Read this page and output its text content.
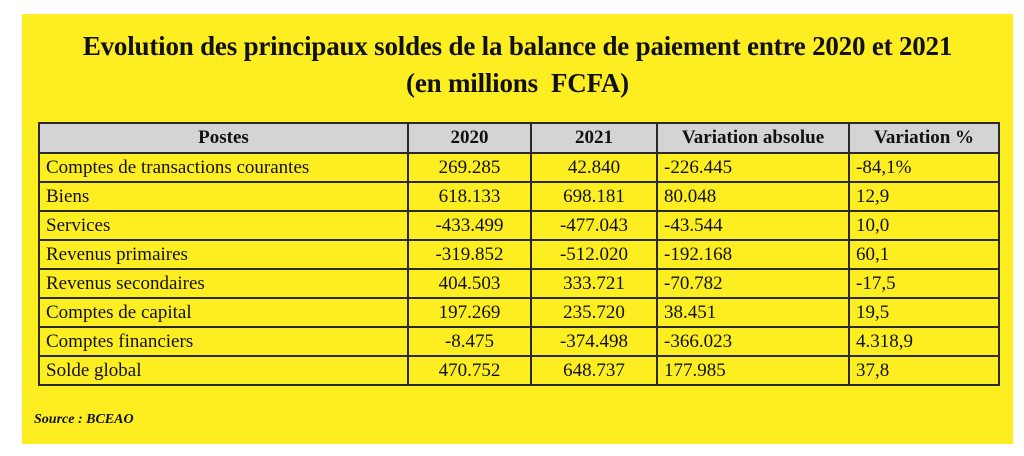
Evolution des principaux soldes de la balance de paiement entre 2020 et 2021
(en millions  FCFA)
Postes	2020	2021	Variation absolue	Variation %
Comptes de transactions courantes	269.285	42.840	-226.445	-84,1%
Biens	618.133	698.181	80.048	12,9
Services	-433.499	-477.043	-43.544	10,0
Revenus primaires	-319.852	-512.020	-192.168	60,1
Revenus secondaires	404.503	333.721	-70.782	-17,5
Comptes de capital	197.269	235.720	38.451	19,5
Comptes financiers	-8.475	-374.498	-366.023	4.318,9
Solde global	470.752	648.737	177.985	37,8
Source : BCEAO
